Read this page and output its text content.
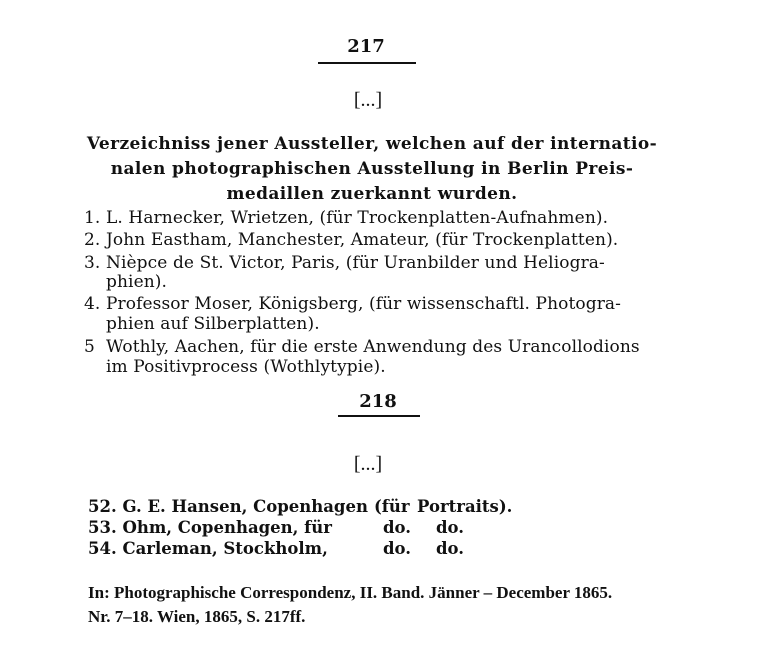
217
[...]
Verzeichniss jener Aussteller, welchen auf der internatio-
nalen photographischen Ausstellung in Berlin Preis-
medaillen zuerkannt wurden.
1. L. Harnecker, Wrietzen, (für Trockenplatten-Aufnahmen).
2. John Eastham, Manchester, Amateur, (für Trockenplatten).
3. Nièpce de St. Victor, Paris, (für Uranbilder und Heliogra-
phien).
4. Professor Moser, Königsberg, (für wissenschaftl. Photogra-
phien auf Silberplatten).
5 Wothly, Aachen, für die erste Anwendung des Urancollodions
im Positivprocess (Wothlytypie).
218
[...]
52. G. E. Hansen, Copenhagen (für Portraits).
53. Ohm, Copenhagen, für	do. do.
54. Carleman, Stockholm,	do. do.
In: Photographische Correspondenz, II. Band. Jänner – December 1865.
Nr. 7–18. Wien, 1865, S. 217ff.
